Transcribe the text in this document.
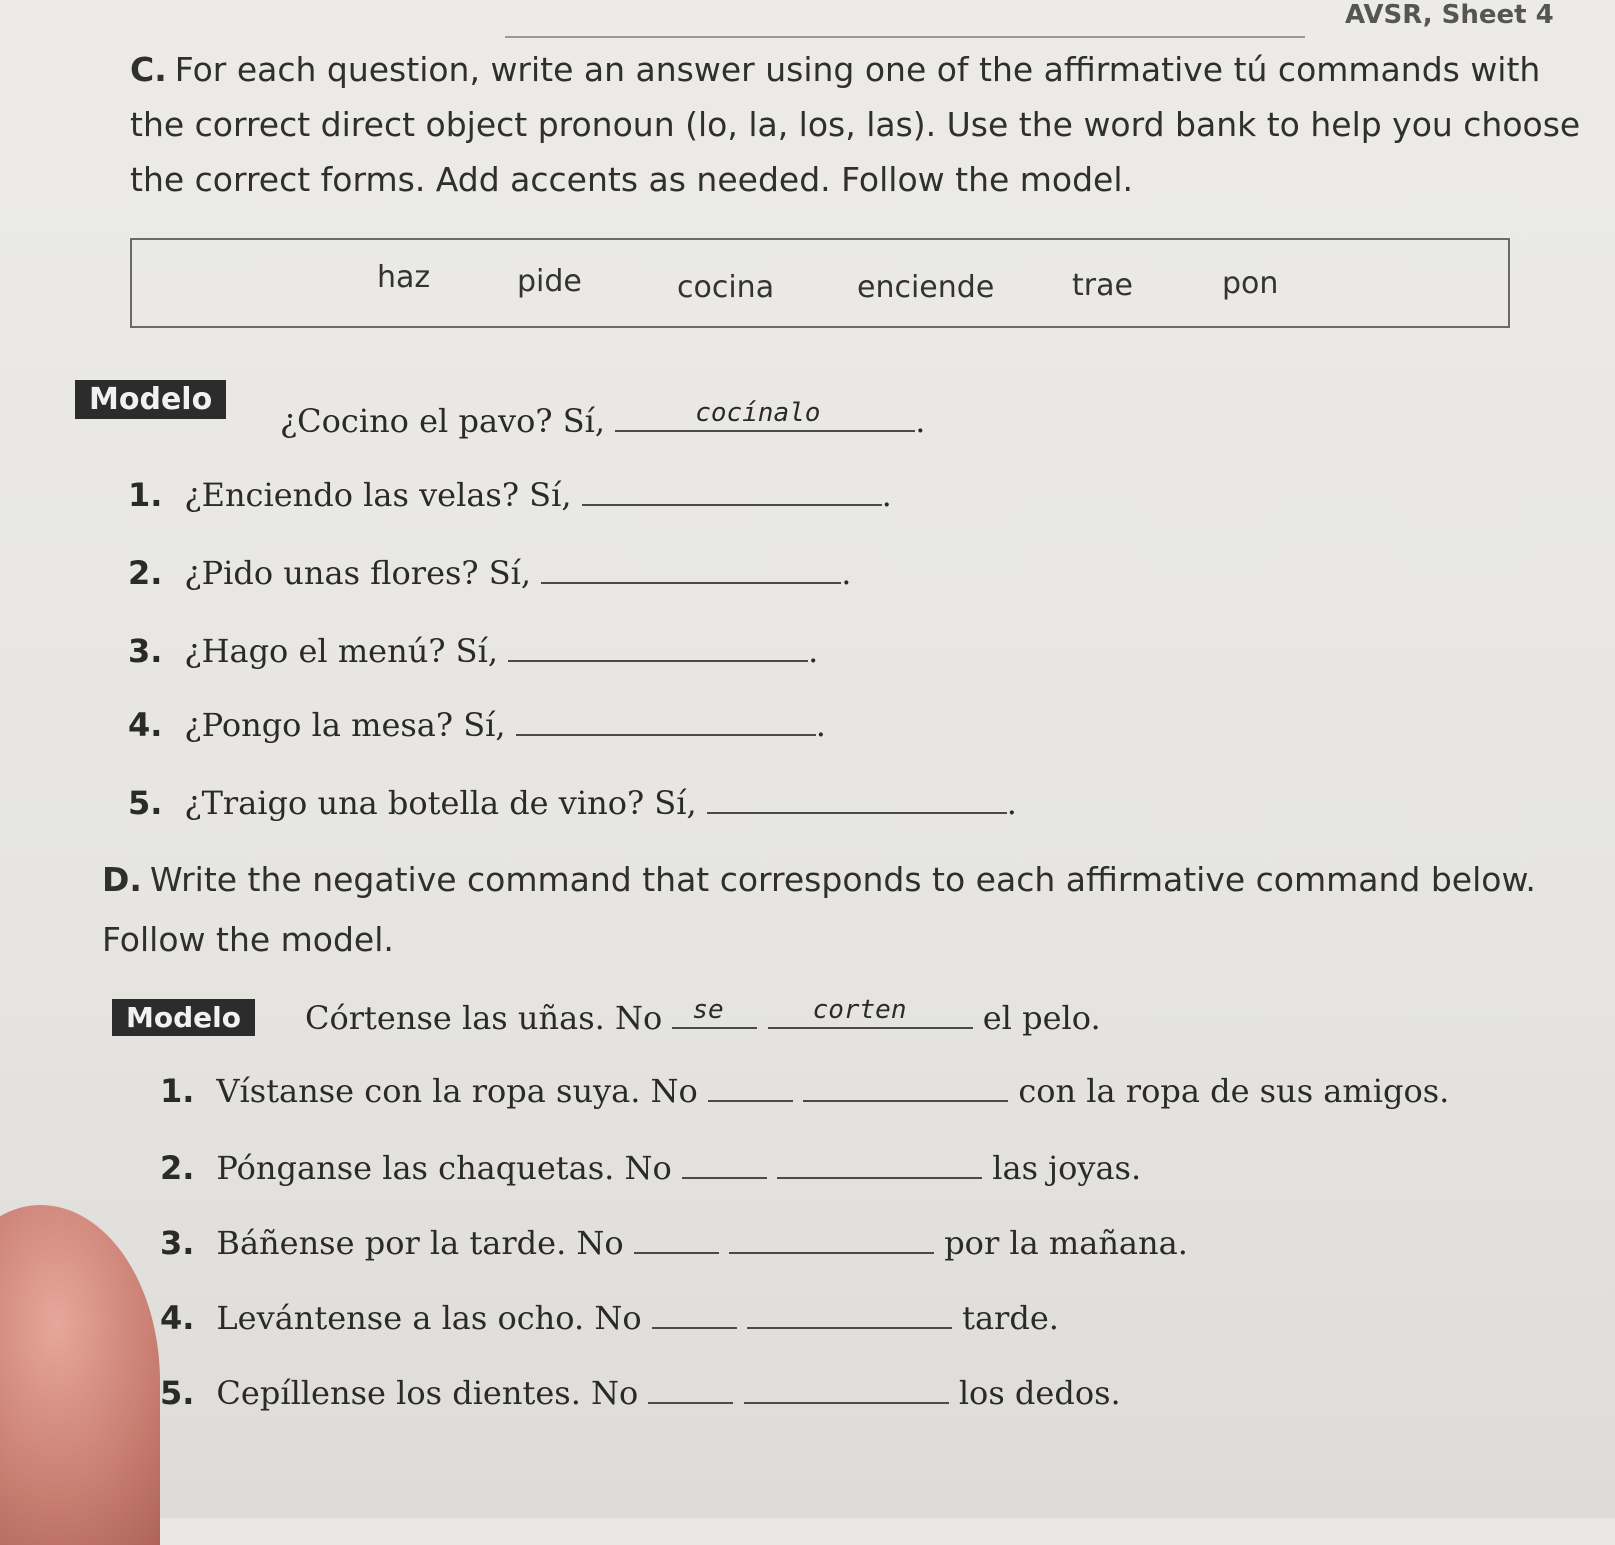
AVSR, Sheet 4
C. For each question, write an answer using one of the affirmative tú commands with
the correct direct object pronoun (lo, la, los, las). Use the word bank to help you choose
the correct forms. Add accents as needed. Follow the model.
haz	pide	cocina	enciende	trae	pon
Modelo
¿Cocino el pavo? Sí,	cocínalo	.
1. ¿Enciendo las velas? Sí,	.
2. ¿Pido unas flores? Sí,	.
3. ¿Hago el menú? Sí,	.
4. ¿Pongo la mesa? Sí,	.
5. ¿Traigo una botella de vino? Sí,	.
D. Write the negative command that corresponds to each affirmative command below.
Follow the model.
Modelo	Córtense las uñas. No se
	corten el pelo.
1. Vístanse con la ropa suya. No	con la ropa de sus amigos.
2. Pónganse las chaquetas. No	las joyas.
3. Báñense por la tarde. No	por la mañana.
4. Levántense a las ocho. No	tarde.
5. Cepíllense los dientes. No	los dedos.
